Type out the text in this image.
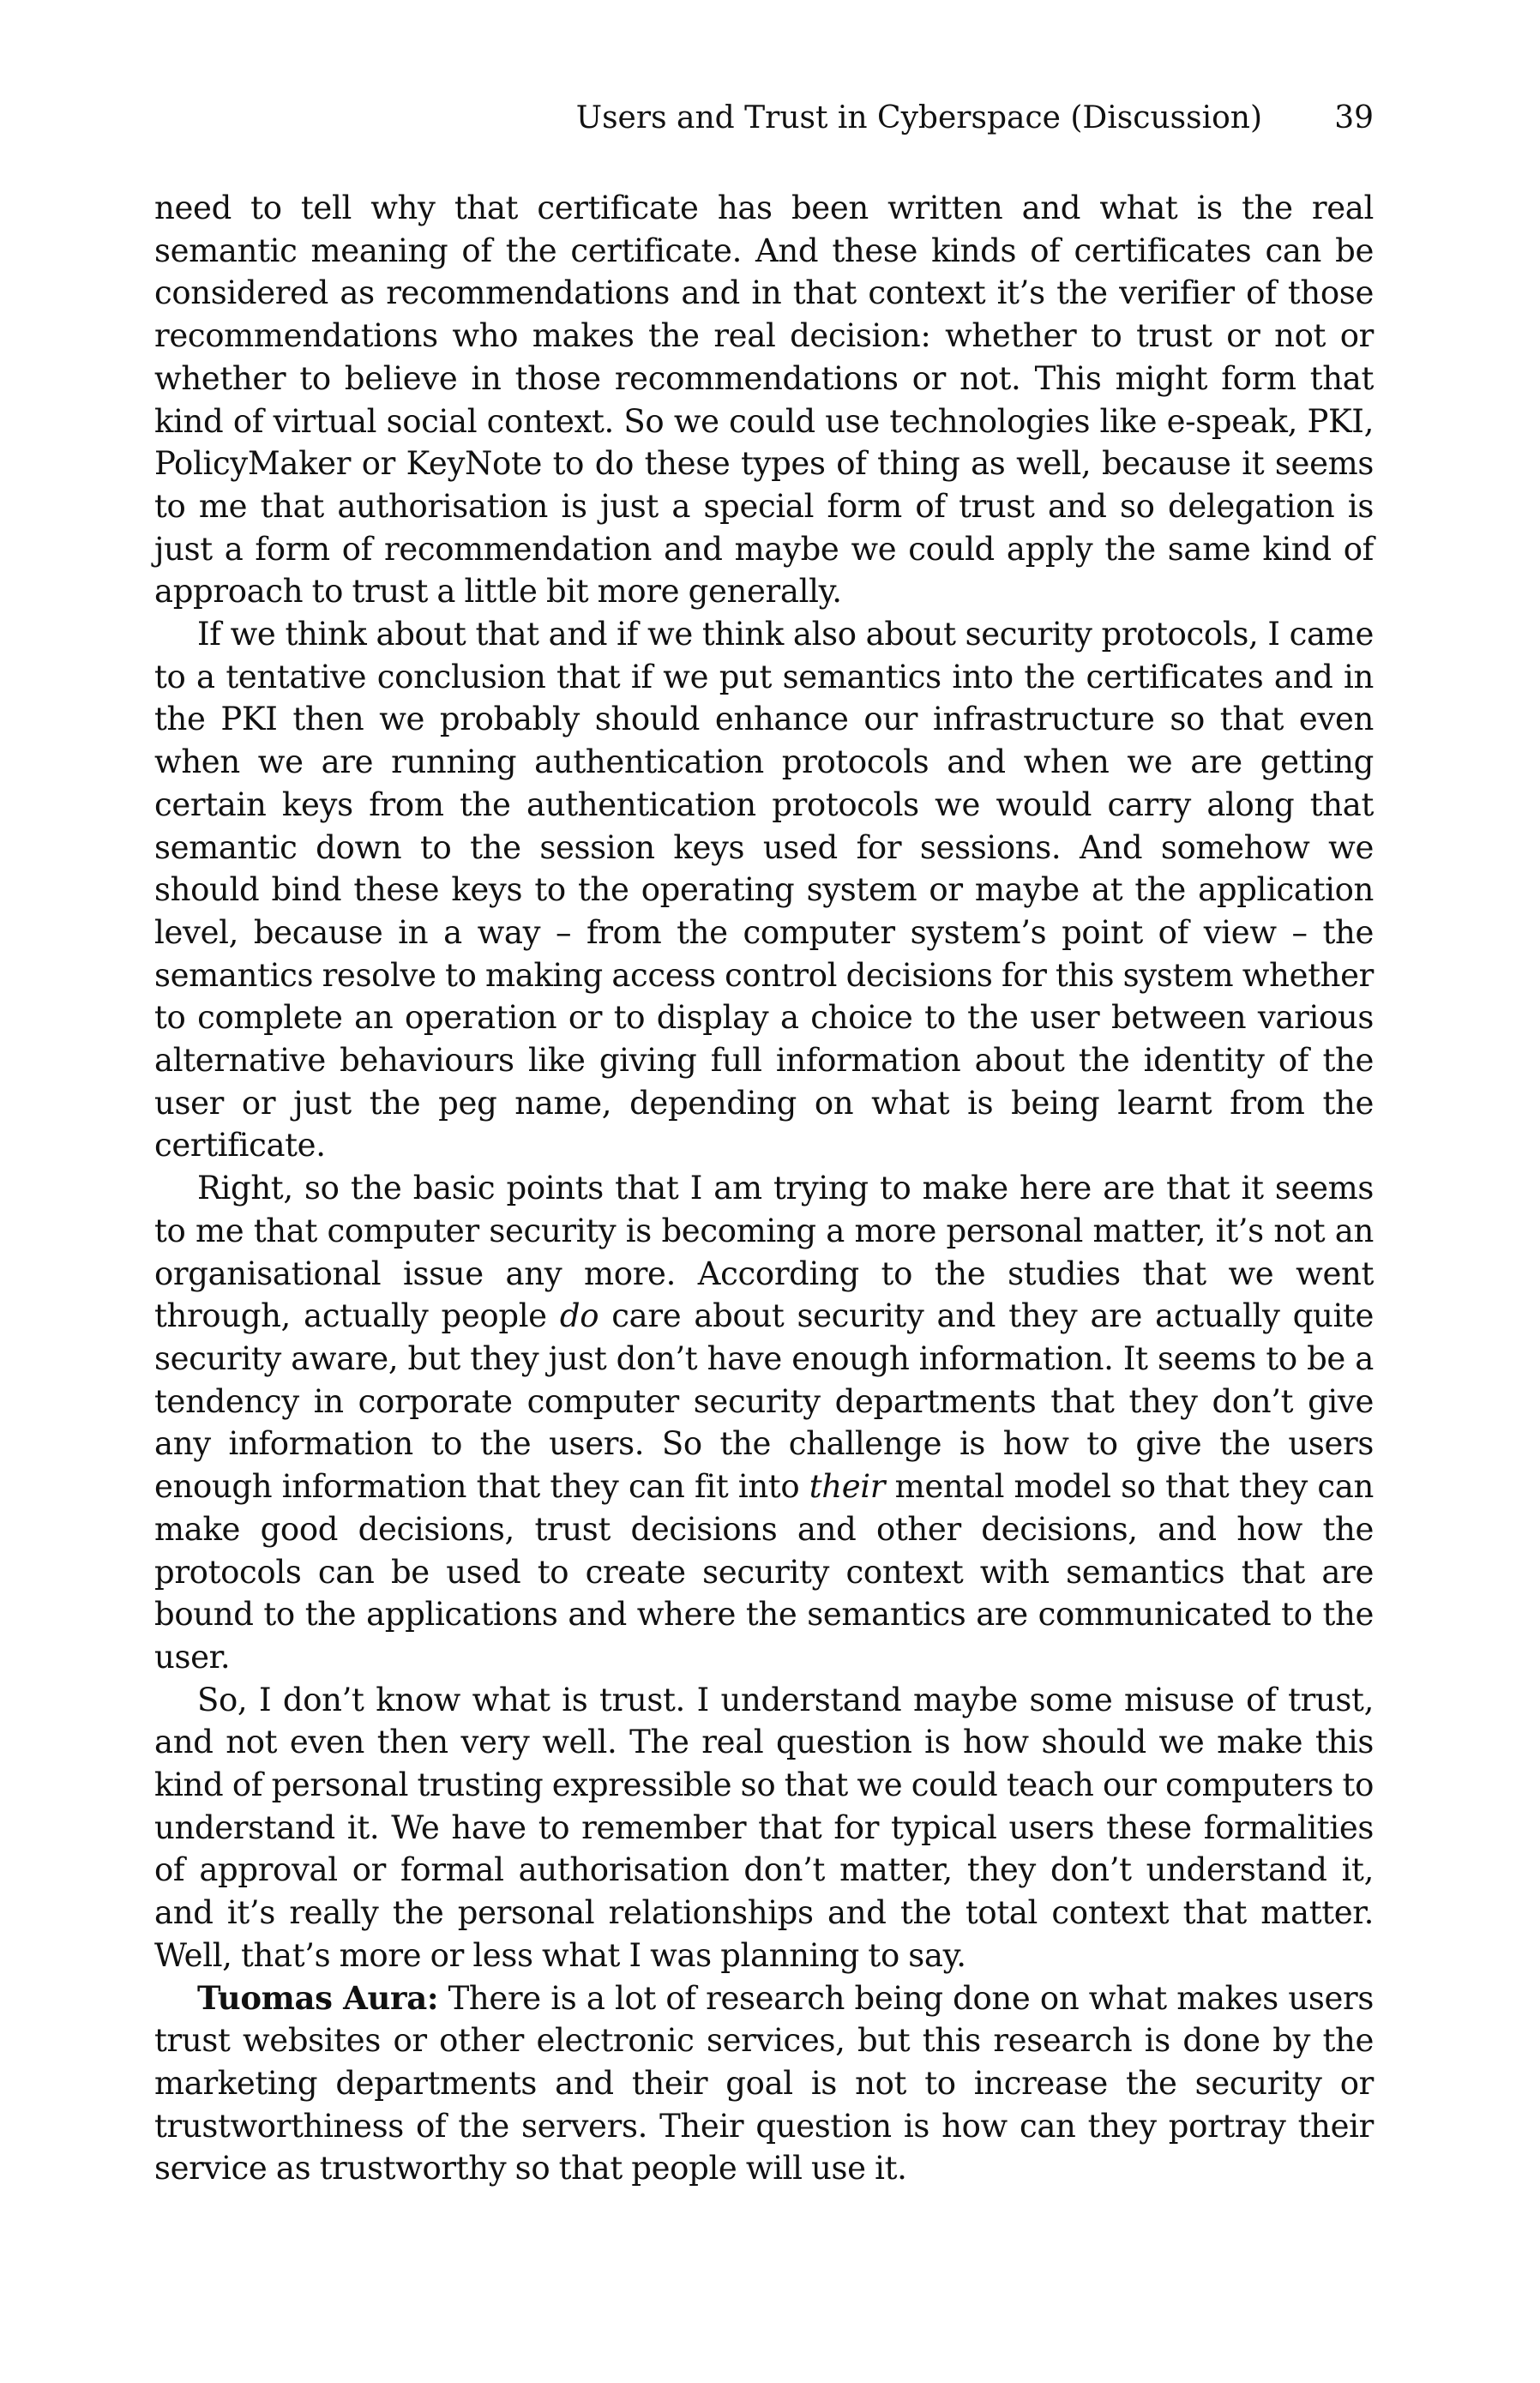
Users and Trust in Cyberspace (Discussion) 39

need to tell why that certificate has been written and what is the real semantic meaning of the certificate. And these kinds of certificates can be considered as recommendations and in that context it’s the verifier of those recommendations who makes the real decision: whether to trust or not or whether to believe in those recommendations or not. This might form that kind of virtual social context. So we could use technologies like e-speak, PKI, PolicyMaker or KeyNote to do these types of thing as well, because it seems to me that authorisation is just a special form of trust and so delegation is just a form of recommendation and maybe we could apply the same kind of approach to trust a little bit more generally.

If we think about that and if we think also about security protocols, I came to a tentative conclusion that if we put semantics into the certificates and in the PKI then we probably should enhance our infrastructure so that even when we are running authentication protocols and when we are getting certain keys from the authentication protocols we would carry along that semantic down to the session keys used for sessions. And somehow we should bind these keys to the operating system or maybe at the application level, because in a way – from the computer system’s point of view – the semantics resolve to making access control decisions for this system whether to complete an operation or to display a choice to the user between various alternative behaviours like giving full information about the identity of the user or just the peg name, depending on what is being learnt from the certificate.

Right, so the basic points that I am trying to make here are that it seems to me that computer security is becoming a more personal matter, it’s not an organisational issue any more. According to the studies that we went through, actually people do care about security and they are actually quite security aware, but they just don’t have enough information. It seems to be a tendency in corporate computer security departments that they don’t give any information to the users. So the challenge is how to give the users enough information that they can fit into their mental model so that they can make good decisions, trust decisions and other decisions, and how the protocols can be used to create security context with semantics that are bound to the applications and where the semantics are communicated to the user.

So, I don’t know what is trust. I understand maybe some misuse of trust, and not even then very well. The real question is how should we make this kind of personal trusting expressible so that we could teach our computers to understand it. We have to remember that for typical users these formalities of approval or formal authorisation don’t matter, they don’t understand it, and it’s really the personal relationships and the total context that matter. Well, that’s more or less what I was planning to say.

Tuomas Aura: There is a lot of research being done on what makes users trust websites or other electronic services, but this research is done by the marketing departments and their goal is not to increase the security or trustworthiness of the servers. Their question is how can they portray their service as trustworthy so that people will use it.
